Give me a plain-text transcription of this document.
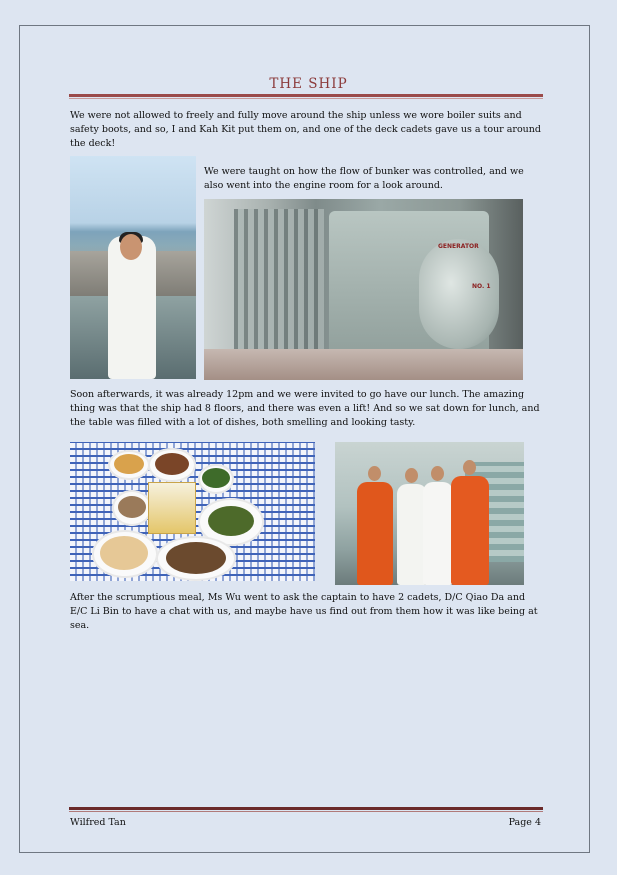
THE SHIP

We were not allowed to freely and fully move around the ship unless we wore boiler suits and safety boots, and so, I and Kah Kit put them on, and one of the deck cadets gave us a tour around the deck!

We were taught on how the flow of bunker was controlled, and we also went into the engine room for a look around.

GENERATOR
NO. 1

Soon afterwards, it was already 12pm and we were invited to go have our lunch. The amazing thing was that the ship had 8 floors, and there was even a lift! And so we sat down for lunch, and the table was filled with a lot of dishes, both smelling and looking tasty.

After the scrumptious meal, Ms Wu went to ask the captain to have 2 cadets, D/C Qiao Da and E/C Li Bin to have a chat with us, and maybe have us find out from them how it was like being at sea.

Wilfred Tan	Page 4
